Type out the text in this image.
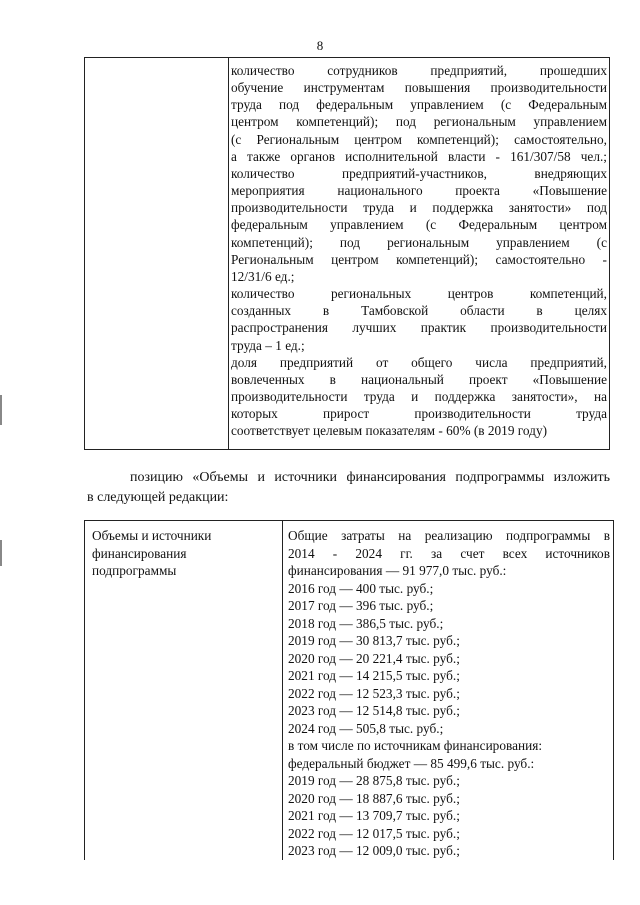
8
количество сотрудников предприятий, прошедших
обучение инструментам повышения производительности
труда под федеральным управлением (с Федеральным
центром компетенций); под региональным управлением
(с Региональным центром компетенций); самостоятельно,
а также органов исполнительной власти - 161/307/58 чел.;
количество предприятий-участников, внедряющих
мероприятия национального проекта «Повышение
производительности труда и поддержка занятости» под
федеральным управлением (с Федеральным центром
компетенций); под региональным управлением (с
Региональным центром компетенций); самостоятельно -
12/31/6 ед.;
количество региональных центров компетенций,
созданных в Тамбовской области в целях
распространения лучших практик производительности
труда – 1 ед.;
доля предприятий от общего числа предприятий,
вовлеченных в национальный проект «Повышение
производительности труда и поддержка занятости», на
которых прирост производительности труда
соответствует целевым показателям - 60% (в 2019 году)
позицию «Объемы и источники финансирования подпрограммы изложить
в следующей редакции:
Объемы и источники
финансирования
подпрограммы
Общие затраты на реализацию подпрограммы в
2014 - 2024 гг. за счет всех источников
финансирования — 91 977,0 тыс. руб.:
2016 год — 400 тыс. руб.;
2017 год — 396 тыс. руб.;
2018 год — 386,5 тыс. руб.;
2019 год — 30 813,7 тыс. руб.;
2020 год — 20 221,4 тыс. руб.;
2021 год — 14 215,5 тыс. руб.;
2022 год — 12 523,3 тыс. руб.;
2023 год — 12 514,8 тыс. руб.;
2024 год — 505,8 тыс. руб.;
в том числе по источникам финансирования:
федеральный бюджет — 85 499,6 тыс. руб.:
2019 год — 28 875,8 тыс. руб.;
2020 год — 18 887,6 тыс. руб.;
2021 год — 13 709,7 тыс. руб.;
2022 год — 12 017,5 тыс. руб.;
2023 год — 12 009,0 тыс. руб.;
